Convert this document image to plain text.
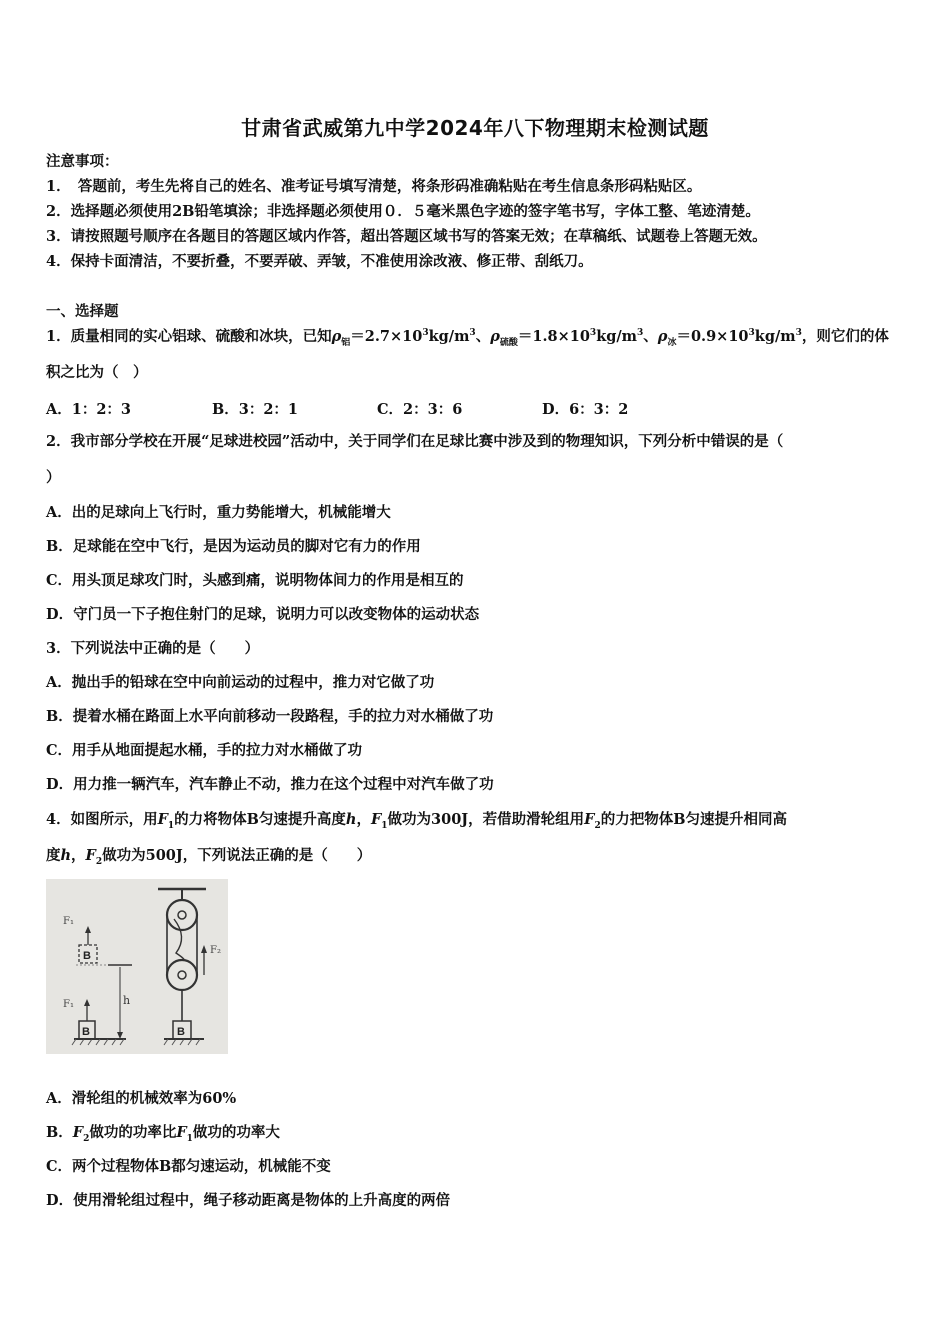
甘肃省武威第九中学2024年八下物理期末检测试题
注意事项：
1．　答题前，考生先将自己的姓名、准考证号填写清楚，将条形码准确粘贴在考生信息条形码粘贴区。
2．选择题必须使用2B铅笔填涂；非选择题必须使用０．５毫米黑色字迹的签字笔书写，字体工整、笔迹清楚。
3．请按照题号顺序在各题目的答题区域内作答，超出答题区域书写的答案无效；在草稿纸、试题卷上答题无效。
4．保持卡面清洁，不要折叠，不要弄破、弄皱，不准使用涂改液、修正带、刮纸刀。
一、选择题
1．质量相同的实心铝球、硫酸和冰块，已知$\rho_铝=2.7\times 10^3kg/m^3$、$\rho_{硫酸}=1.8\times 10^3kg/m^3$、$\rho_冰=0.9\times 10^3kg/m^3$，则它们的体
积之比为（　）
A．1：2：3	B．3：2：1	C．2：3：6	D．6：3：2
2．我市部分学校在开展“足球进校园”活动中，关于同学们在足球比赛中涉及到的物理知识，下列分析中错误的是（
）
A．出的足球向上飞行时，重力势能增大，机械能增大
B．足球能在空中飞行，是因为运动员的脚对它有力的作用
C．用头顶足球攻门时，头感到痛，说明物体间力的作用是相互的
D．守门员一下子抱住射门的足球，说明力可以改变物体的运动状态
3．下列说法中正确的是（　　）
A．抛出手的铅球在空中向前运动的过程中，推力对它做了功
B．提着水桶在路面上水平向前移动一段路程，手的拉力对水桶做了功
C．用手从地面提起水桶，手的拉力对水桶做了功
D．用力推一辆汽车，汽车静止不动，推力在这个过程中对汽车做了功
4．如图所示，用$F_1$的力将物体B匀速提升高度h，$F_1$做功为300J，若借助滑轮组用$F_2$的力把物体B匀速提升相同高
度h，$F_2$做功为500J，下列说法正确的是（　　）
B
F₁
B
F₁
h
F₂
B
A．滑轮组的机械效率为60%
B．$F_2$做功的功率比$F_1$做功的功率大
C．两个过程物体B都匀速运动，机械能不变
D．使用滑轮组过程中，绳子移动距离是物体的上升高度的两倍
